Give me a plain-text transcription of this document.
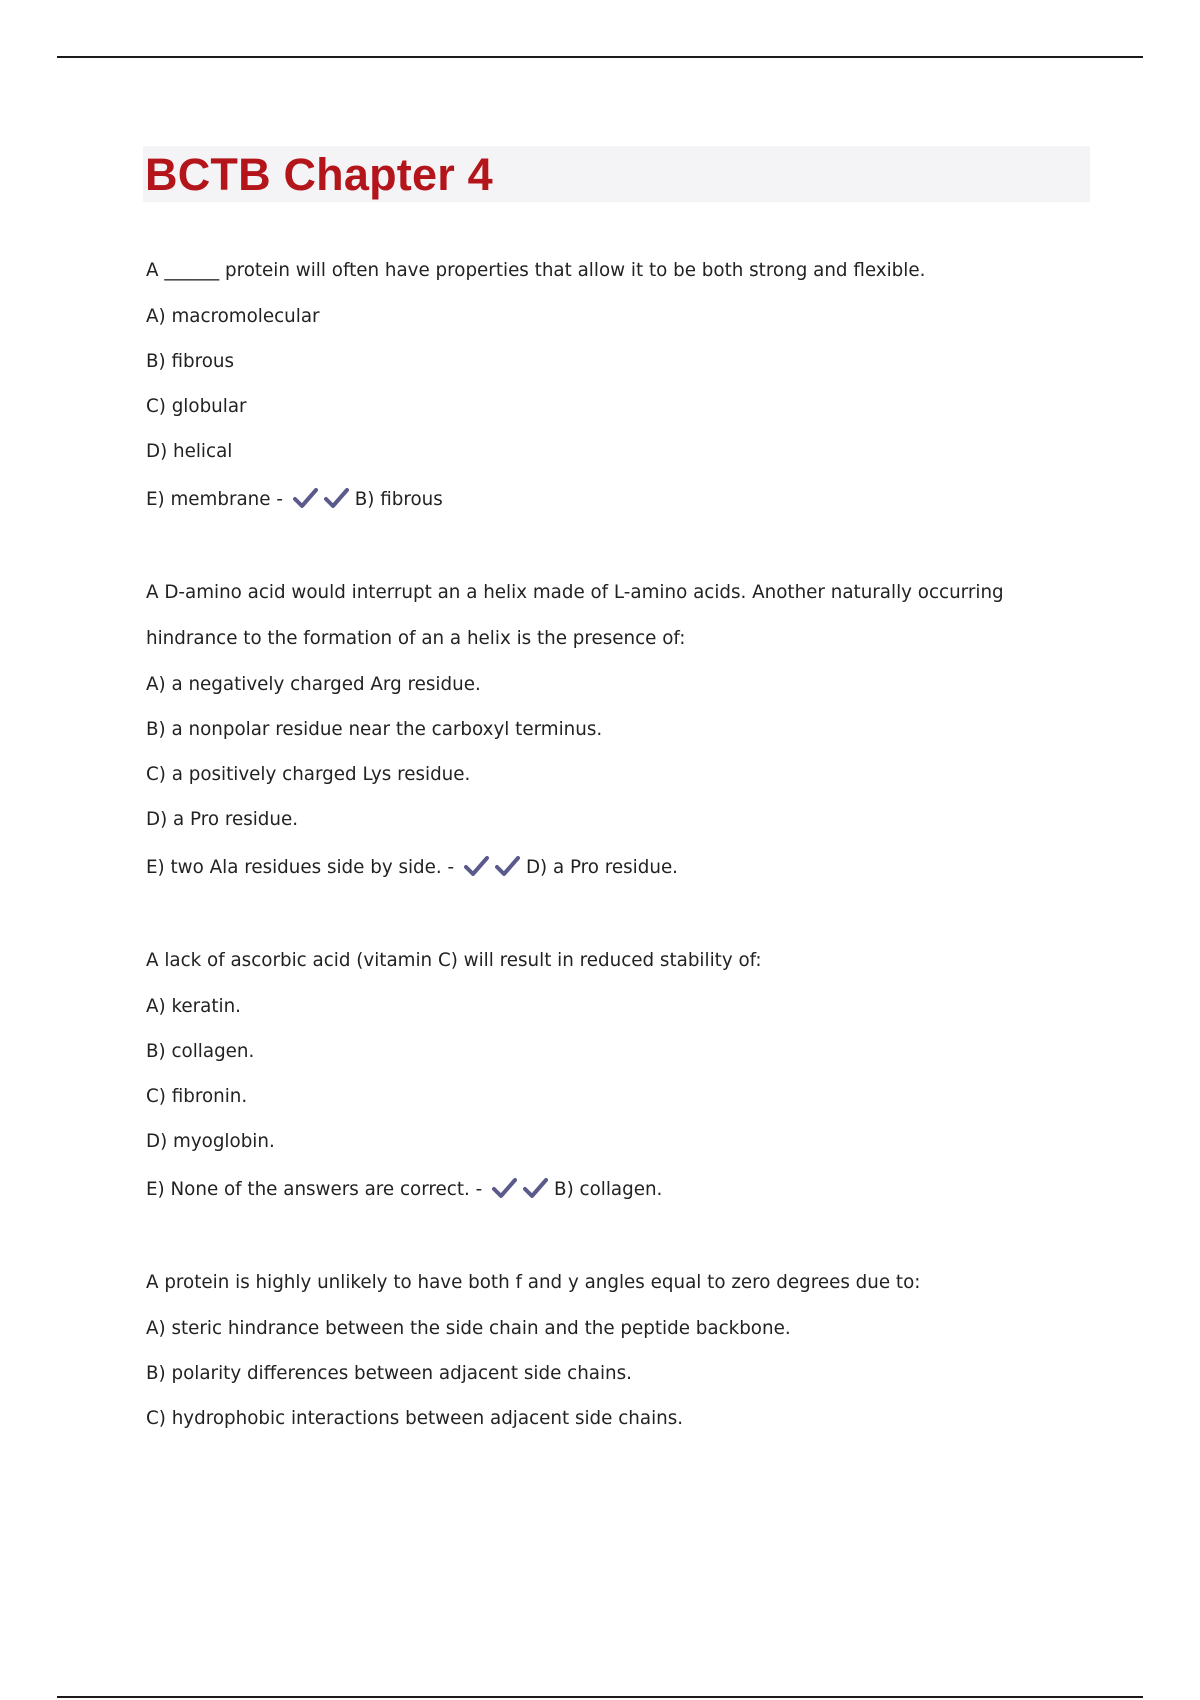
BCTB Chapter 4
A ______ protein will often have properties that allow it to be both strong and flexible.
A) macromolecular
B) fibrous
C) globular
D) helical
E) membrane -	B) fibrous
A D-amino acid would interrupt an a helix made of L-amino acids. Another naturally occurring
hindrance to the formation of an a helix is the presence of:
A) a negatively charged Arg residue.
B) a nonpolar residue near the carboxyl terminus.
C) a positively charged Lys residue.
D) a Pro residue.
E) two Ala residues side by side. -	D) a Pro residue.
A lack of ascorbic acid (vitamin C) will result in reduced stability of:
A) keratin.
B) collagen.
C) fibronin.
D) myoglobin.
E) None of the answers are correct. -	B) collagen.
A protein is highly unlikely to have both f and y angles equal to zero degrees due to:
A) steric hindrance between the side chain and the peptide backbone.
B) polarity differences between adjacent side chains.
C) hydrophobic interactions between adjacent side chains.
